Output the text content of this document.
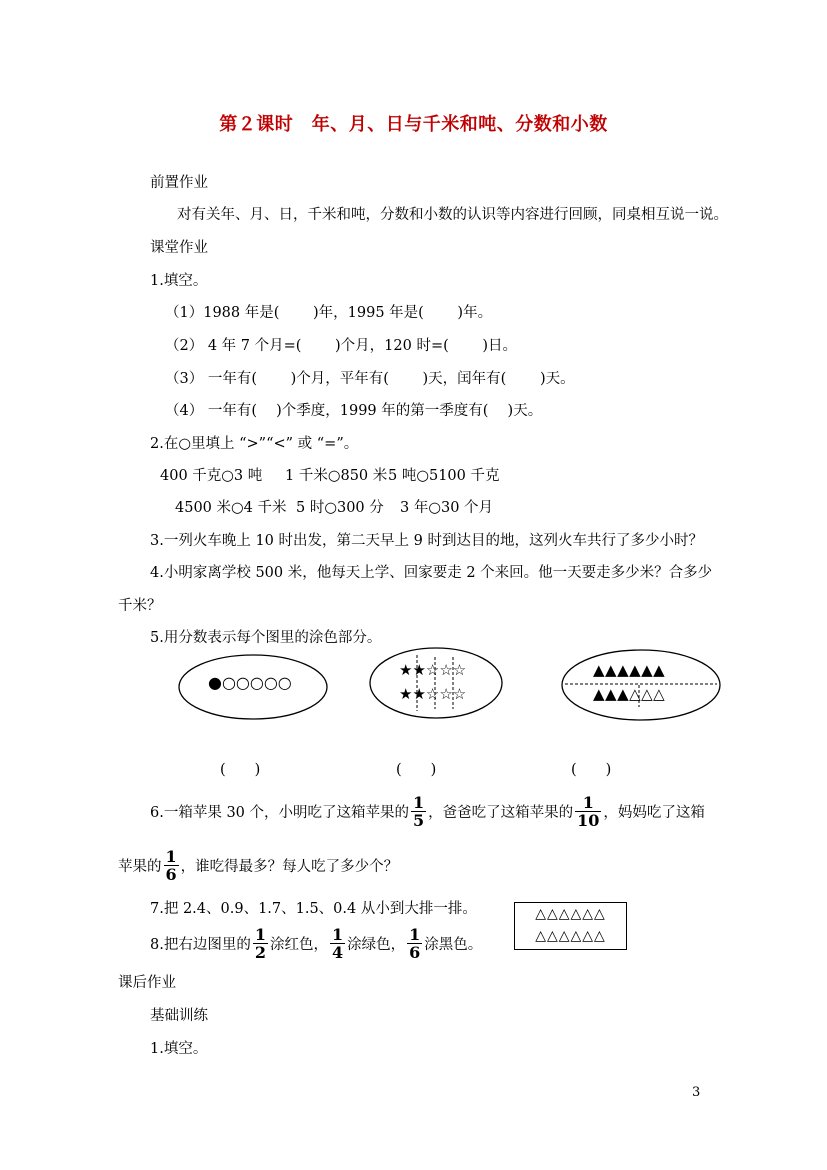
第２课时　年、月、日与千米和吨、分数和小数
前置作业
对有关年、月、日，千米和吨，分数和小数的认识等内容进行回顾，同桌相互说一说。
课堂作业
1.填空。
（1）1988 年是(　　 )年，1995 年是(　　 )年。
（2） 4 年 7 个月=(　　 )个月，120 时=(　　 )日。
（3） 一年有(　　 )个月，平年有(　　 )天，闰年有(　　 )天。
（4） 一年有(　 )个季度，1999 年的第一季度有(　 )天。
2.在○里填上 “>”“<” 或 “=”。
400 千克○3 吨 1 千米○850 米 5 吨○5100 千克
4500 米○4 千米 5 时○300 分 3 年○30 个月
3.一列火车晚上 10 时出发，第二天早上 9 时到达目的地，这列火车共行了多少小时？
4.小明家离学校 500 米，他每天上学、回家要走 2 个来回。他一天要走多少米？合多少
千米？
5.用分数表示每个图里的涂色部分。
●○○○○○
★★☆☆☆
★★☆☆☆
▲▲▲▲▲▲
▲▲▲△△△
(　　)	(　　)	(　　)
6.一箱苹果 30 个，小明吃了这箱苹果的 $\frac{1}{5}$ ，爸爸吃了这箱苹果的 $\frac{1}{10}$ ，妈妈吃了这箱
苹果的 $\frac{1}{6}$ ，谁吃得最多？每人吃了多少个？
7.把 2.4、0.9、1.7、1.5、0.4 从小到大排一排。
8.把右边图里的 $\frac{1}{2}$ 涂红色， $\frac{1}{4}$ 涂绿色， $\frac{1}{6}$ 涂黑色。
△△△△△△
△△△△△△
课后作业
基础训练
1.填空。
3
